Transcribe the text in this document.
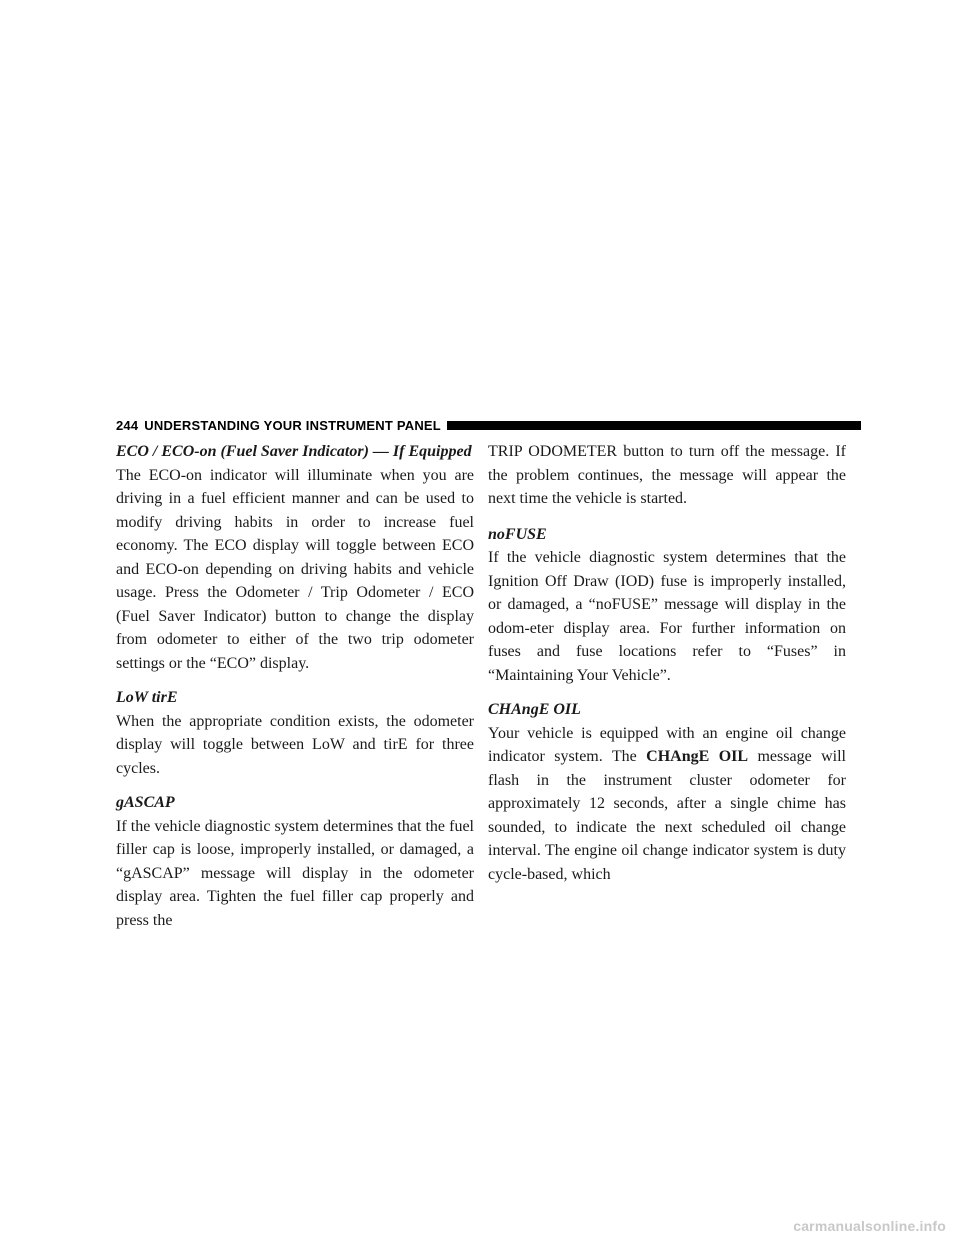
244 UNDERSTANDING YOUR INSTRUMENT PANEL

ECO / ECO-on (Fuel Saver Indicator) — If Equipped

The ECO-on indicator will illuminate when you are driving in a fuel efficient manner and can be used to modify driving habits in order to increase fuel economy. The ECO display will toggle between ECO and ECO-on depending on driving habits and vehicle usage. Press the Odometer / Trip Odometer / ECO (Fuel Saver Indicator) button to change the display from odometer to either of the two trip odometer settings or the “ECO” display.

LoW tirE

When the appropriate condition exists, the odometer display will toggle between LoW and tirE for three cycles.

gASCAP

If the vehicle diagnostic system determines that the fuel filler cap is loose, improperly installed, or damaged, a “gASCAP” message will display in the odometer display area. Tighten the fuel filler cap properly and press the

TRIP ODOMETER button to turn off the message. If the problem continues, the message will appear the next time the vehicle is started.

noFUSE

If the vehicle diagnostic system determines that the Ignition Off Draw (IOD) fuse is improperly installed, or damaged, a “noFUSE” message will display in the odom-eter display area. For further information on fuses and fuse locations refer to “Fuses” in “Maintaining Your Vehicle”.

CHAngE OIL

Your vehicle is equipped with an engine oil change indicator system. The CHAngE OIL message will flash in the instrument cluster odometer for approximately 12 seconds, after a single chime has sounded, to indicate the next scheduled oil change interval. The engine oil change indicator system is duty cycle-based, which

carmanualsonline.info
